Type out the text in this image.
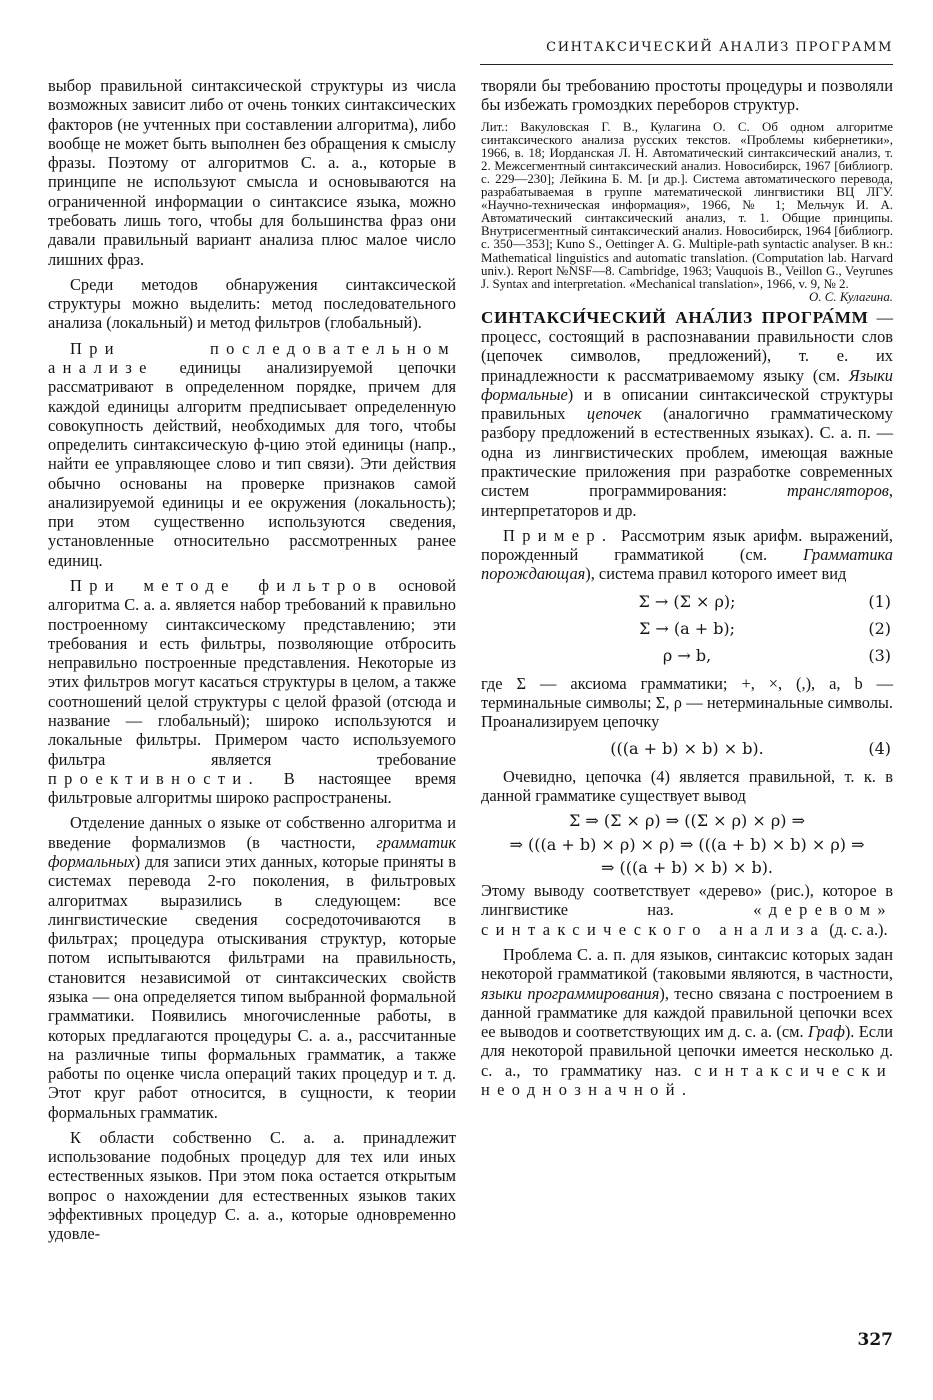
СИНТАКСИЧЕСКИЙ АНАЛИЗ ПРОГРАММ

выбор правильной синтаксической структуры из числа возможных зависит либо от очень тонких синтаксических факторов (не учтенных при составлении алгоритма), либо вообще не может быть выполнен без обращения к смыслу фразы. Поэтому от алгоритмов С. а. а., которые в принципе не используют смысла и основываются на ограниченной информации о синтаксисе языка, можно требовать лишь того, чтобы для большинства фраз они давали правильный вариант анализа плюс малое число лишних фраз.

Среди методов обнаружения синтаксической структуры можно выделить: метод последовательного анализа (локальный) и метод фильтров (глобальный).

При последовательном анализе единицы анализируемой цепочки рассматривают в определенном порядке, причем для каждой единицы алгоритм предписывает определенную совокупность действий, необходимых для того, чтобы определить синтаксическую ф-цию этой единицы (напр., найти ее управляющее слово и тип связи). Эти действия обычно основаны на проверке признаков самой анализируемой единицы и ее окружения (локальность); при этом существенно используются сведения, установленные относительно рассмотренных ранее единиц.

При методе фильтров основой алгоритма С. а. а. является набор требований к правильно построенному синтаксическому представлению; эти требования и есть фильтры, позволяющие отбросить неправильно построенные представления. Некоторые из этих фильтров могут касаться структуры в целом, а также соотношений целой структуры с целой фразой (отсюда и название — глобальный); широко используются и локальные фильтры. Примером часто используемого фильтра является требование проективности. В настоящее время фильтровые алгоритмы широко распространены.

Отделение данных о языке от собственно алгоритма и введение формализмов (в частности, грамматик формальных) для записи этих данных, которые приняты в системах перевода 2-го поколения, в фильтровых алгоритмах выразились в следующем: все лингвистические сведения сосредоточиваются в фильтрах; процедура отыскивания структур, которые потом испытываются фильтрами на правильность, становится независимой от синтаксических свойств языка — она определяется типом выбранной формальной грамматики. Появились многочисленные работы, в которых предлагаются процедуры С. а. а., рассчитанные на различные типы формальных грамматик, а также работы по оценке числа операций таких процедур и т. д. Этот круг работ относится, в сущности, к теории формальных грамматик.

К области собственно С. а. а. принадлежит использование подобных процедур для тех или иных естественных языков. При этом пока остается открытым вопрос о нахождении для естественных языков таких эффективных процедур С. а. а., которые одновременно удовле-

творяли бы требованию простоты процедуры и позволяли бы избежать громоздких переборов структур.

Лит.: Вакуловская Г. В., Кулагина О. С. Об одном алгоритме синтаксического анализа русских текстов. «Проблемы кибернетики», 1966, в. 18; Иорданская Л. Н. Автоматический синтаксический анализ, т. 2. Межсегментный синтаксический анализ. Новосибирск, 1967 [библиогр. с. 229—230]; Лейкина Б. М. [и др.]. Система автоматического перевода, разрабатываемая в группе математической лингвистики ВЦ ЛГУ. «Научно-техническая информация», 1966, № 1; Мельчук И. А. Автоматический синтаксический анализ, т. 1. Общие принципы. Внутрисегментный синтаксический анализ. Новосибирск, 1964 [библиогр. с. 350—353]; Kuno S., Oettinger A. G. Multiple-path syntactic analyser. В кн.: Mathematical linguistics and automatic translation. (Computation lab. Harvard univ.). Report №NSF—8. Cambridge, 1963; Vauquois B., Veillon G., Veyrunes J. Syntax and interpretation. «Mechanical translation», 1966, v. 9, № 2.

О. С. Кулагина.

СИНТАКСИ́ЧЕСКИЙ АНА́ЛИЗ ПРОГРА́ММ — процесс, состоящий в распознавании правильности слов (цепочек символов, предложений), т. е. их принадлежности к рассматриваемому языку (см. Языки формальные) и в описании синтаксической структуры правильных цепочек (аналогично грамматическому разбору предложений в естественных языках). С. а. п. — одна из лингвистических проблем, имеющая важные практические приложения при разработке современных систем программирования:	трансляторов, интерпретаторов и др.

Пример. Рассмотрим язык арифм. выражений, порожденный грамматикой (см. Грамматика порождающая), система правил которого имеет вид

Σ → (Σ × ρ);	(1)
Σ → (a + b);	(2)
ρ → b,	(3)

где Σ — аксиома грамматики; +, ×, (,), a, b — терминальные символы; Σ, ρ — нетерминальные символы. Проанализируем цепочку

(((a + b) × b) × b).	(4)

Очевидно, цепочка (4) является правильной, т. к. в данной грамматике существует вывод

Σ ⇒ (Σ × ρ) ⇒ ((Σ × ρ) × ρ) ⇒
⇒ (((a + b) × ρ) × ρ) ⇒ (((a + b) × b) × ρ) ⇒
⇒ (((a + b) × b) × b).

Этому выводу соответствует «дерево» (рис.), которое в лингвистике наз.	«деревом» синтаксического анализа (д. с. а.).

Проблема С. а. п. для языков, синтаксис которых задан некоторой грамматикой (таковыми являются, в частности, языки программирования), тесно связана с построением в данной грамматике для каждой правильной цепочки всех ее выводов и соответствующих им д. с. а. (см. Граф). Если для некоторой правильной цепочки имеется несколько д. с. а., то грамматику наз. синтаксически неоднозначной.

327
